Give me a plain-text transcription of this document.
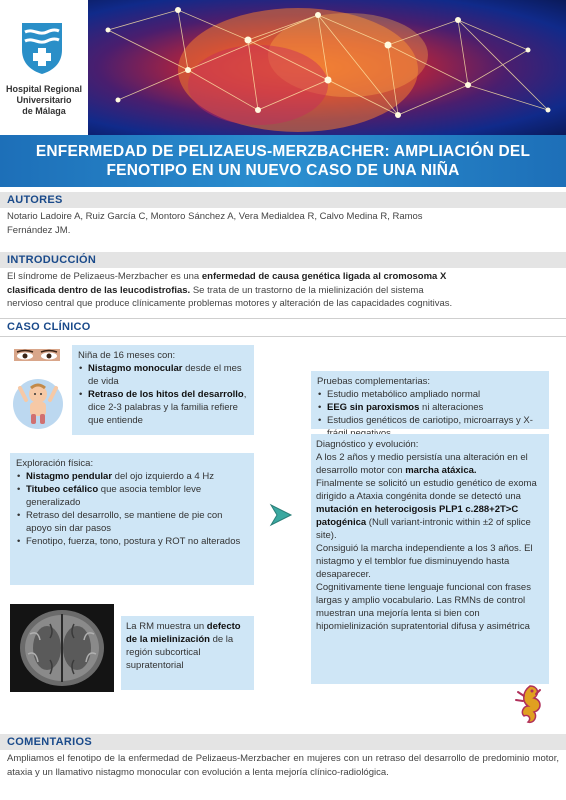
Hospital Regional
Universitario
de Málaga
ENFERMEDAD DE PELIZAEUS-MERZBACHER: AMPLIACIÓN DEL
FENOTIPO EN UN NUEVO CASO DE UNA NIÑA
AUTORES
Notario Ladoire A, Ruiz García C, Montoro Sánchez A, Vera Medialdea R, Calvo Medina R, Ramos
Fernández JM.
INTRODUCCIÓN
El síndrome de Pelizaeus-Merzbacher es una enfermedad de causa genética ligada al cromosoma X
clasificada dentro de las leucodistrofias. Se trata de un trastorno de la mielinización del sistema
nervioso central que produce clínicamente problemas motores y alteración de las capacidades cognitivas.
CASO CLÍNICO
Niña de 16 meses con:
• Nistagmo monocular desde el mes de vida
• Retraso de los hitos del desarrollo, dice 2-3 palabras y la familia refiere que entiende
Exploración física:
• Nistagmo pendular del ojo izquierdo a 4 Hz
• Titubeo cefálico que asocia temblor leve generalizado
• Retraso del desarrollo, se mantiene de pie con apoyo sin dar pasos
• Fenotipo, fuerza, tono, postura y ROT no alterados
La RM muestra un defecto de la mielinización de la región subcortical supratentorial
Pruebas complementarias:
• Estudio metabólico ampliado normal
• EEG sin paroxismos ni alteraciones
• Estudios genéticos de cariotipo, microarrays y X-
Diagnóstico y evolución:
A los 2 años y medio persistía una alteración en el desarrollo motor con marcha atáxica.
Finalmente se solicitó un estudio genético de exoma dirigido a Ataxia congénita donde se detectó una mutación en heterocigosis PLP1 c.288+2T>C patogénica (Null variant-intronic within ±2 of splice site).
Consiguió la marcha independiente a los 3 años. El nistagmo y el temblor fue disminuyendo hasta desaparecer.
Cognitivamente tiene lenguaje funcional con frases largas y amplio vocabulario. Las RMNs de control muestran una mejoría lenta si bien con hipomielinización supratentorial difusa y asimétrica
COMENTARIOS
Ampliamos el fenotipo de la enfermedad de Pelizaeus-Merzbacher en mujeres con un retraso del desarrollo de predominio motor, ataxia y un llamativo nistagmo monocular con evolución a lenta mejoría clínico-radiológica.
